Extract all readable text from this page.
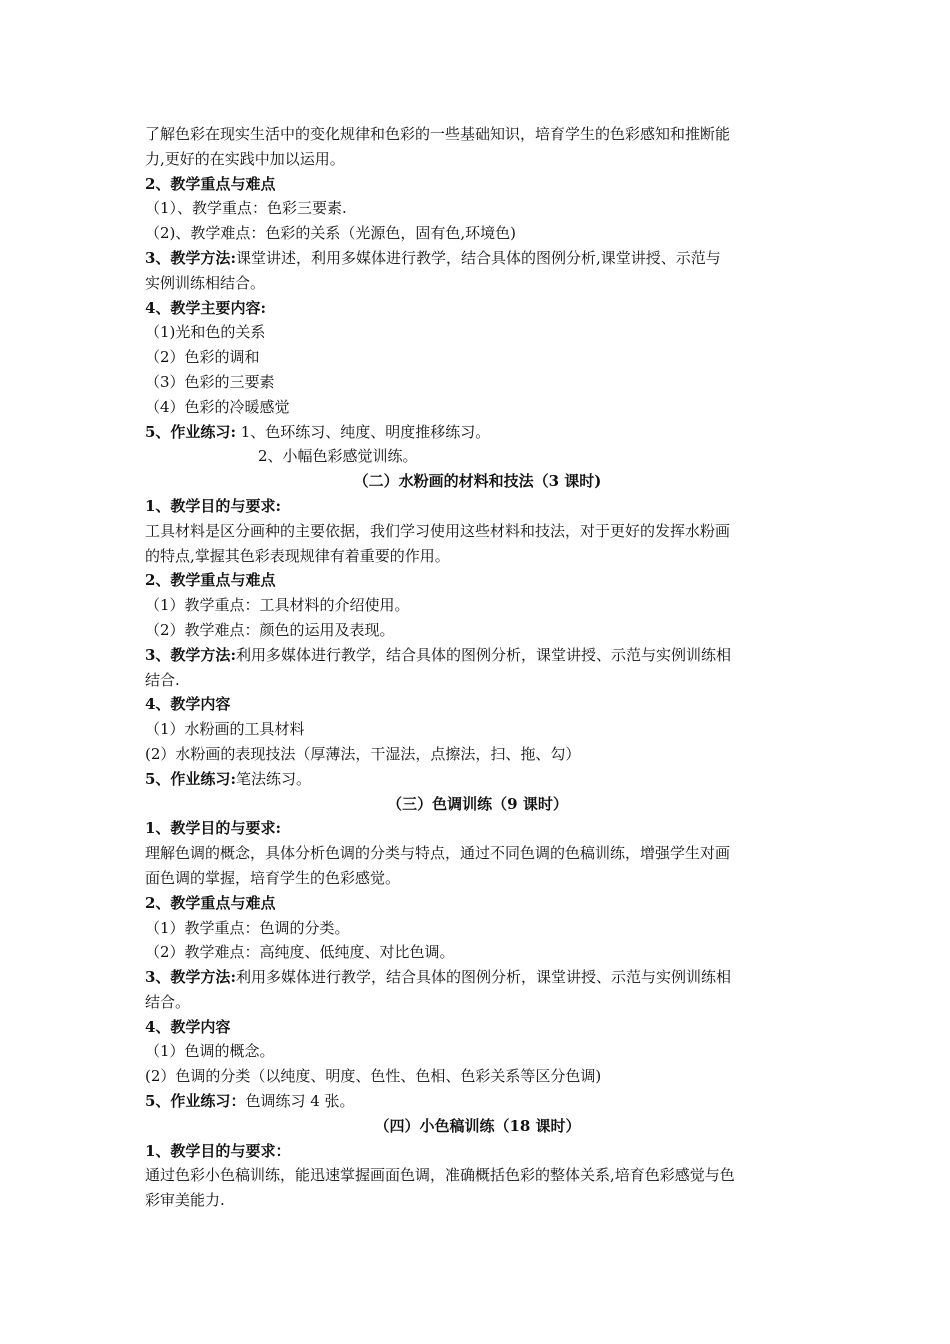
了解色彩在现实生活中的变化规律和色彩的一些基础知识，培育学生的色彩感知和推断能
力,更好的在实践中加以运用。
2、教学重点与难点
（1）、教学重点：色彩三要素.
（2)、教学难点：色彩的关系（光源色，固有色,环境色)
3、教学方法:课堂讲述，利用多媒体进行教学，结合具体的图例分析,课堂讲授、示范与
实例训练相结合。
4、教学主要内容:
（1)光和色的关系
（2）色彩的调和
（3）色彩的三要素
（4）色彩的冷暖感觉
5、作业练习: 1、色环练习、纯度、明度推移练习。
2、小幅色彩感觉训练。
（二）水粉画的材料和技法（3 课时)
1、教学目的与要求:
工具材料是区分画种的主要依据，我们学习使用这些材料和技法，对于更好的发挥水粉画
的特点,掌握其色彩表现规律有着重要的作用。
2、教学重点与难点
（1）教学重点：工具材料的介绍使用。
（2）教学难点：颜色的运用及表现。
3、教学方法:利用多媒体进行教学，结合具体的图例分析，课堂讲授、示范与实例训练相
结合.
4、教学内容
（1）水粉画的工具材料
(2）水粉画的表现技法（厚薄法，干湿法，点擦法，扫、拖、勾）
5、作业练习:笔法练习。
（三）色调训练（9 课时）
1、教学目的与要求:
理解色调的概念，具体分析色调的分类与特点，通过不同色调的色稿训练，增强学生对画
面色调的掌握，培育学生的色彩感觉。
2、教学重点与难点
（1）教学重点：色调的分类。
（2）教学难点：高纯度、低纯度、对比色调。
3、教学方法:利用多媒体进行教学，结合具体的图例分析，课堂讲授、示范与实例训练相
结合。
4、教学内容
（1）色调的概念。
(2）色调的分类（以纯度、明度、色性、色相、色彩关系等区分色调)
5、作业练习：色调练习 4 张。
（四）小色稿训练（18 课时）
1、教学目的与要求：
通过色彩小色稿训练，能迅速掌握画面色调，准确概括色彩的整体关系,培育色彩感觉与色
彩审美能力.
